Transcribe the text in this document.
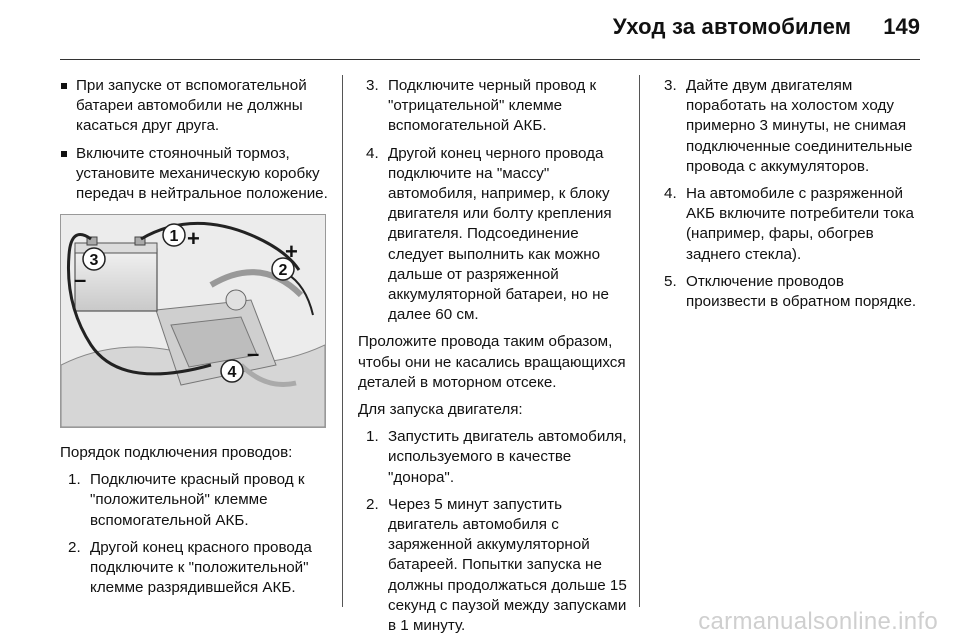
Уход за автомобилем 149
При запуске от вспомогательной батареи автомобили не должны касаться друг друга.
Включите стояночный тормоз, установите механическую коробку передач в нейтральное положение.
1 +
2
+
3
–
4
–

Порядок подключения проводов:

1. Подключите красный провод к "положительной" клемме вспомогательной АКБ.
2. Другой конец красного провода подключите к "положительной" клемме разрядившейся АКБ.
3. Подключите черный провод к "отрицательной" клемме вспомогательной АКБ.
4. Другой конец черного провода подключите на "массу" автомобиля, например, к блоку двигателя или болту крепления двигателя. Подсоединение следует выполнить как можно дальше от разряженной аккумуляторной батареи, но не далее 60 см.

Проложите провода таким образом, чтобы они не касались вращающихся деталей в моторном отсеке.

Для запуска двигателя:

1. Запустить двигатель автомобиля, используемого в качестве "донора".
2. Через 5 минут запустить двигатель автомобиля с заряженной аккумуляторной батареей. Попытки запуска не должны продолжаться дольше 15 секунд с паузой между запусками в 1 минуту.
3. Дайте двум двигателям поработать на холостом ходу примерно 3 минуты, не снимая подключенные соединительные провода с аккумуляторов.
4. На автомобиле с разряженной АКБ включите потребители тока (например, фары, обогрев заднего стекла).
5. Отключение проводов произвести в обратном порядке.
carmanualsonline.info
